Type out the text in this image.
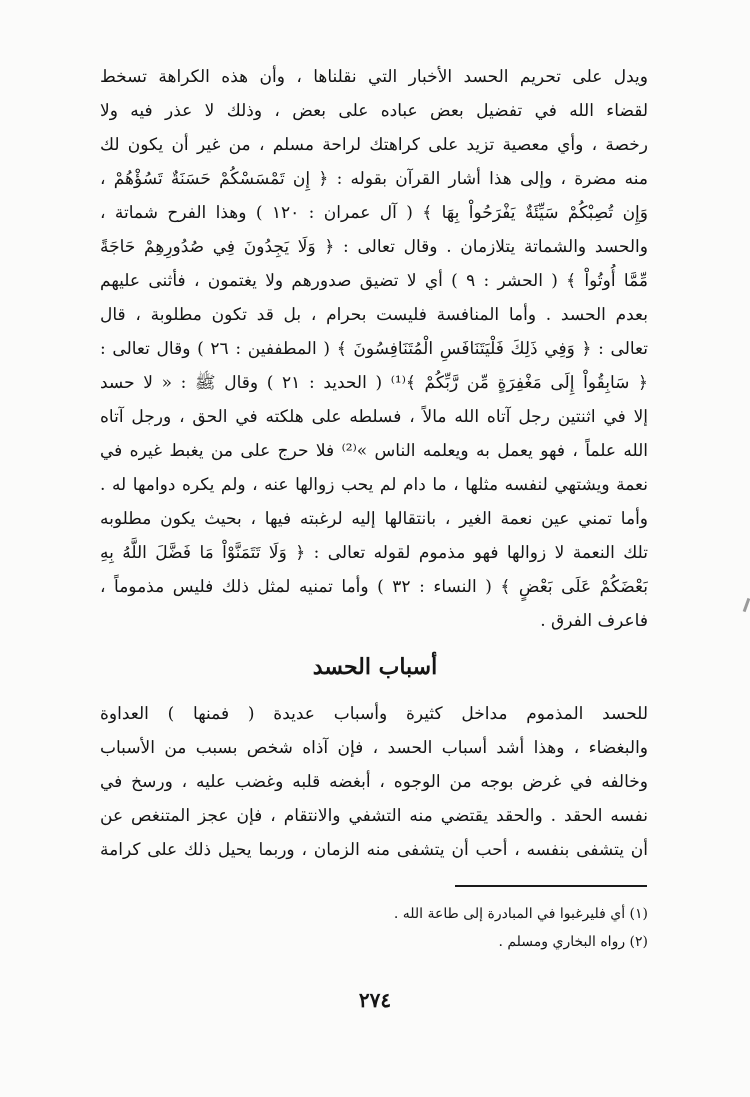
ويدل على تحريم الحسد الأخبار التي نقلناها ، وأن هذه الكراهة تسخط
لقضاء الله في تفضيل بعض عباده على بعض ، وذلك لا عذر فيه ولا
رخصة ، وأي معصية تزيد على كراهتك لراحة مسلم ، من غير أن يكون لك
منه مضرة ، وإلى هذا أشار القرآن بقوله : ﴿ إِن تَمْسَسْكُمْ حَسَنَةٌ تَسُؤْهُمْ ،
وَإِن تُصِبْكُمْ سَيِّئَةٌ يَفْرَحُواْ بِهَا ﴾ ( آل عمران : ١٢٠ ) وهذا الفرح شماتة ،
والحسد والشماتة يتلازمان . وقال تعالى : ﴿ وَلَا يَجِدُونَ فِي صُدُورِهِمْ حَاجَةً
مِّمَّا أُوتُواْ ﴾ ( الحشر : ٩ ) أي لا تضيق صدورهم ولا يغتمون ، فأثنى عليهم
بعدم الحسد . وأما المنافسة فليست بحرام ، بل قد تكون مطلوبة ، قال
تعالى : ﴿ وَفِي ذَلِكَ فَلْيَتَنَافَسِ الْمُتَنَافِسُونَ ﴾ ( المطففين : ٢٦ ) وقال تعالى :
﴿ سَابِقُواْ إِلَى مَغْفِرَةٍ مِّن رَّبِّكُمْ ﴾⁽¹⁾ ( الحديد : ٢١ ) وقال ﷺ : « لا حسد
إلا في اثنتين رجل آتاه الله مالاً ، فسلطه على هلكته في الحق ، ورجل آتاه
الله علماً ، فهو يعمل به ويعلمه الناس »⁽²⁾ فلا حرج على من يغبط غيره في
نعمة ويشتهي لنفسه مثلها ، ما دام لم يحب زوالها عنه ، ولم يكره دوامها له .
وأما تمني عين نعمة الغير ، بانتقالها إليه لرغبته فيها ، بحيث يكون مطلوبه
تلك النعمة لا زوالها فهو مذموم لقوله تعالى : ﴿ وَلَا تَتَمَنَّوْاْ مَا فَضَّلَ اللَّهُ بِهِ
بَعْضَكُمْ عَلَى بَعْضٍ ﴾ ( النساء : ٣٢ ) وأما تمنيه لمثل ذلك فليس مذموماً ،
فاعرف الفرق .
أسباب الحسد
للحسد المذموم مداخل كثيرة وأسباب عديدة ( فمنها ) العداوة
والبغضاء ، وهذا أشد أسباب الحسد ، فإن آذاه شخص بسبب من الأسباب
وخالفه في غرض بوجه من الوجوه ، أبغضه قلبه وغضب عليه ، ورسخ في
نفسه الحقد . والحقد يقتضي منه التشفي والانتقام ، فإن عجز المتنغص عن
أن يتشفى بنفسه ، أحب أن يتشفى منه الزمان ، وربما يحيل ذلك على كرامة
(١) أي فليرغبوا في المبادرة إلى طاعة الله .
(٢) رواه البخاري ومسلم .
٢٧٤
